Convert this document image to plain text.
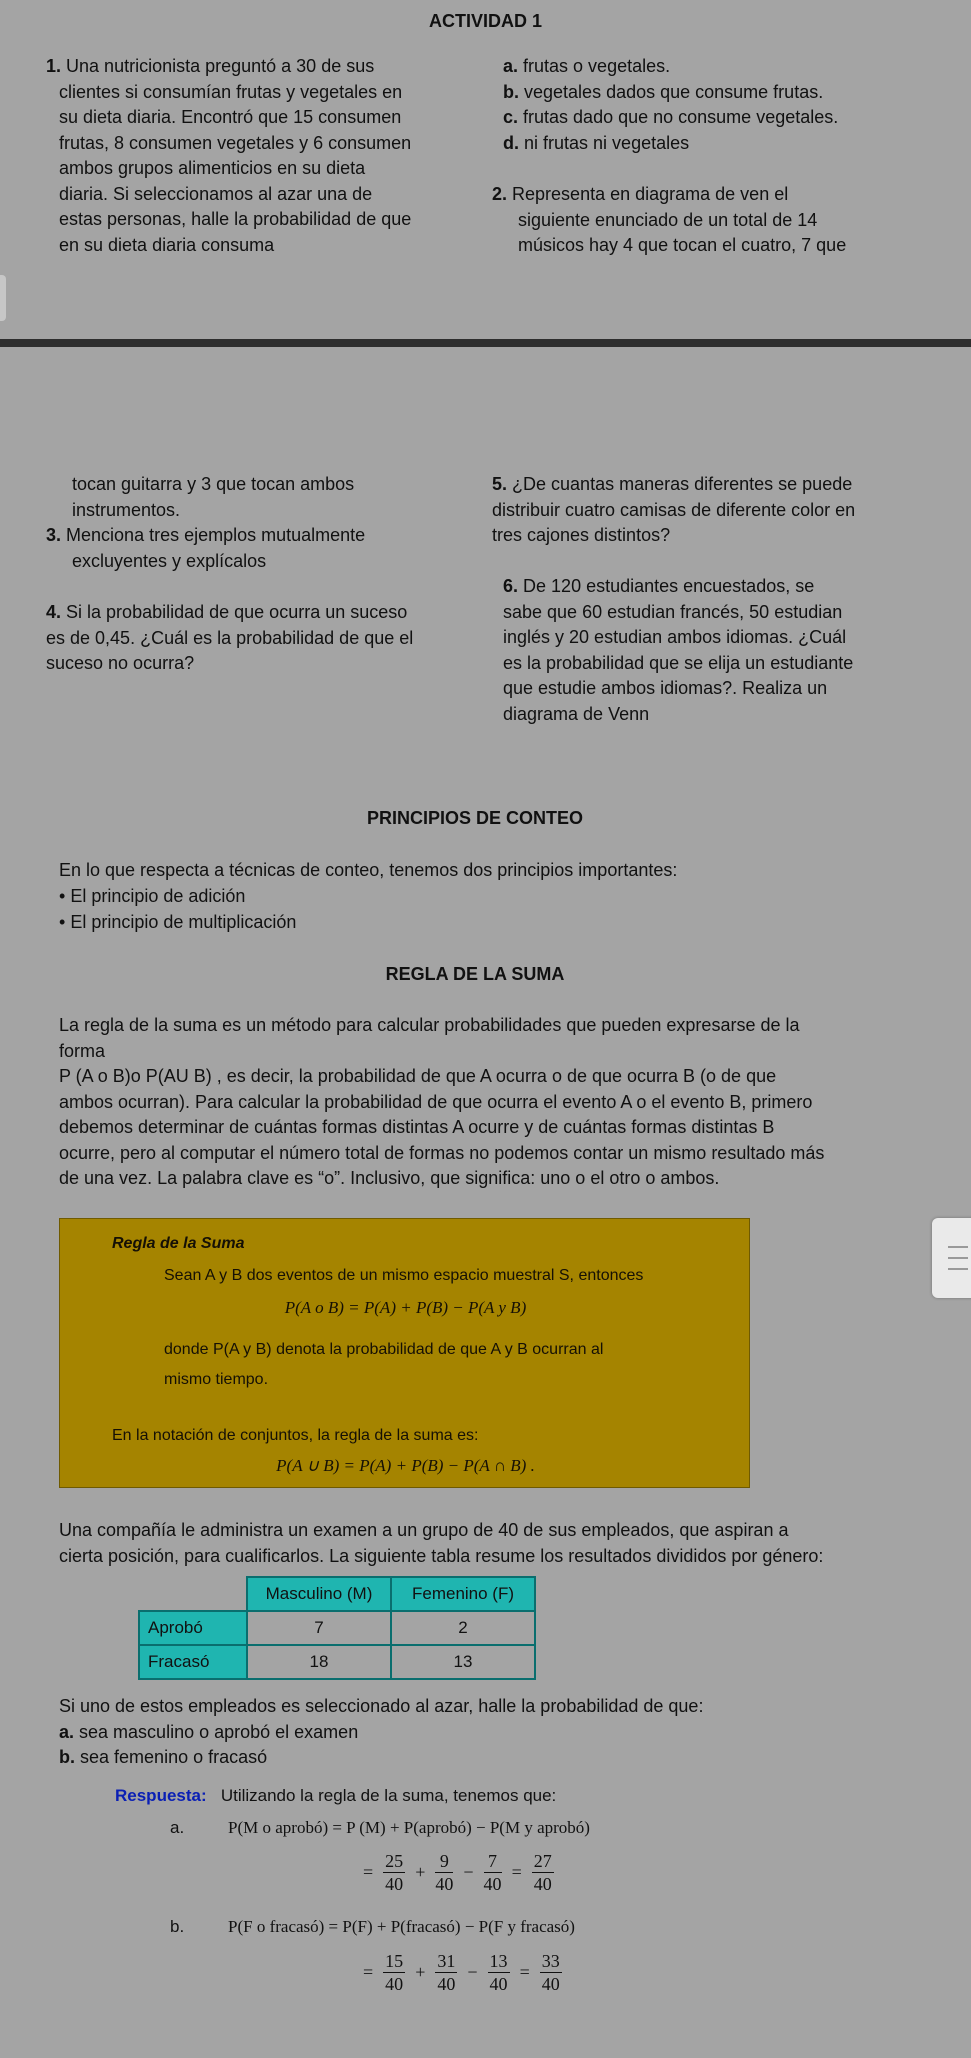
ACTIVIDAD 1
1. Una nutricionista preguntó a 30 de sus
clientes si consumían frutas y vegetales en
su dieta diaria. Encontró que 15 consumen
frutas, 8 consumen vegetales y 6 consumen
ambos grupos alimenticios en su dieta
diaria. Si seleccionamos al azar una de
estas personas, halle la probabilidad de que
en su dieta diaria consuma
a. frutas o vegetales.
b. vegetales dados que consume frutas.
c. frutas dado que no consume vegetales.
d. ni frutas ni vegetales
2. Representa en diagrama de ven el
siguiente enunciado de un total de 14
músicos hay 4 que tocan el cuatro, 7 que
tocan guitarra y 3 que tocan ambos
instrumentos.
3. Menciona tres ejemplos mutualmente
excluyentes y explícalos
4. Si la probabilidad de que ocurra un suceso
es de 0,45. ¿Cuál es la probabilidad de que el
suceso no ocurra?
5. ¿De cuantas maneras diferentes se puede
distribuir cuatro camisas de diferente color en
tres cajones distintos?
6. De 120 estudiantes encuestados, se
sabe que 60 estudian francés, 50 estudian
inglés y 20 estudian ambos idiomas. ¿Cuál
es la probabilidad que se elija un estudiante
que estudie ambos idiomas?. Realiza un
diagrama de Venn
PRINCIPIOS DE CONTEO
En lo que respecta a técnicas de conteo, tenemos dos principios importantes:
• El principio de adición
• El principio de multiplicación
REGLA DE LA SUMA
La regla de la suma es un método para calcular probabilidades que pueden expresarse de la
forma
P (A o B)o P(AU B) , es decir, la probabilidad de que A ocurra o de que ocurra B (o de que
ambos ocurran). Para calcular la probabilidad de que ocurra el evento A o el evento B, primero
debemos determinar de cuántas formas distintas A ocurre y de cuántas formas distintas B
ocurre, pero al computar el número total de formas no podemos contar un mismo resultado más
de una vez. La palabra clave es “o”. Inclusivo, que significa: uno o el otro o ambos.
Regla de la Suma
Sean A y B dos eventos de un mismo espacio muestral S, entonces
P(A o B) = P(A) + P(B) − P(A y B)
donde P(A y B) denota la probabilidad de que A y B ocurran al
mismo tiempo.
En la notación de conjuntos, la regla de la suma es:
P(A ∪ B) = P(A) + P(B) − P(A ∩ B) .
Una compañía le administra un examen a un grupo de 40 de sus empleados, que aspiran a
cierta posición, para cualificarlos. La siguiente tabla resume los resultados divididos por género:
	Masculino (M)	Femenino (F)
Aprobó	7	2
Fracasó	18	13
Si uno de estos empleados es seleccionado al azar, halle la probabilidad de que:
a. sea masculino o aprobó el examen
b. sea femenino o fracasó
Respuesta: Utilizando la regla de la suma, tenemos que:
a.	P(M o aprobó) = P (M) + P(aprobó) − P(M y aprobó)
= $\frac{25}{40} + \frac{9}{40} - \frac{7}{40} = \frac{27}{40}$
b.	P(F o fracasó) = P(F) + P(fracasó) − P(F y fracasó)
= $\frac{15}{40} + \frac{31}{40} - \frac{13}{40} = \frac{33}{40}$
